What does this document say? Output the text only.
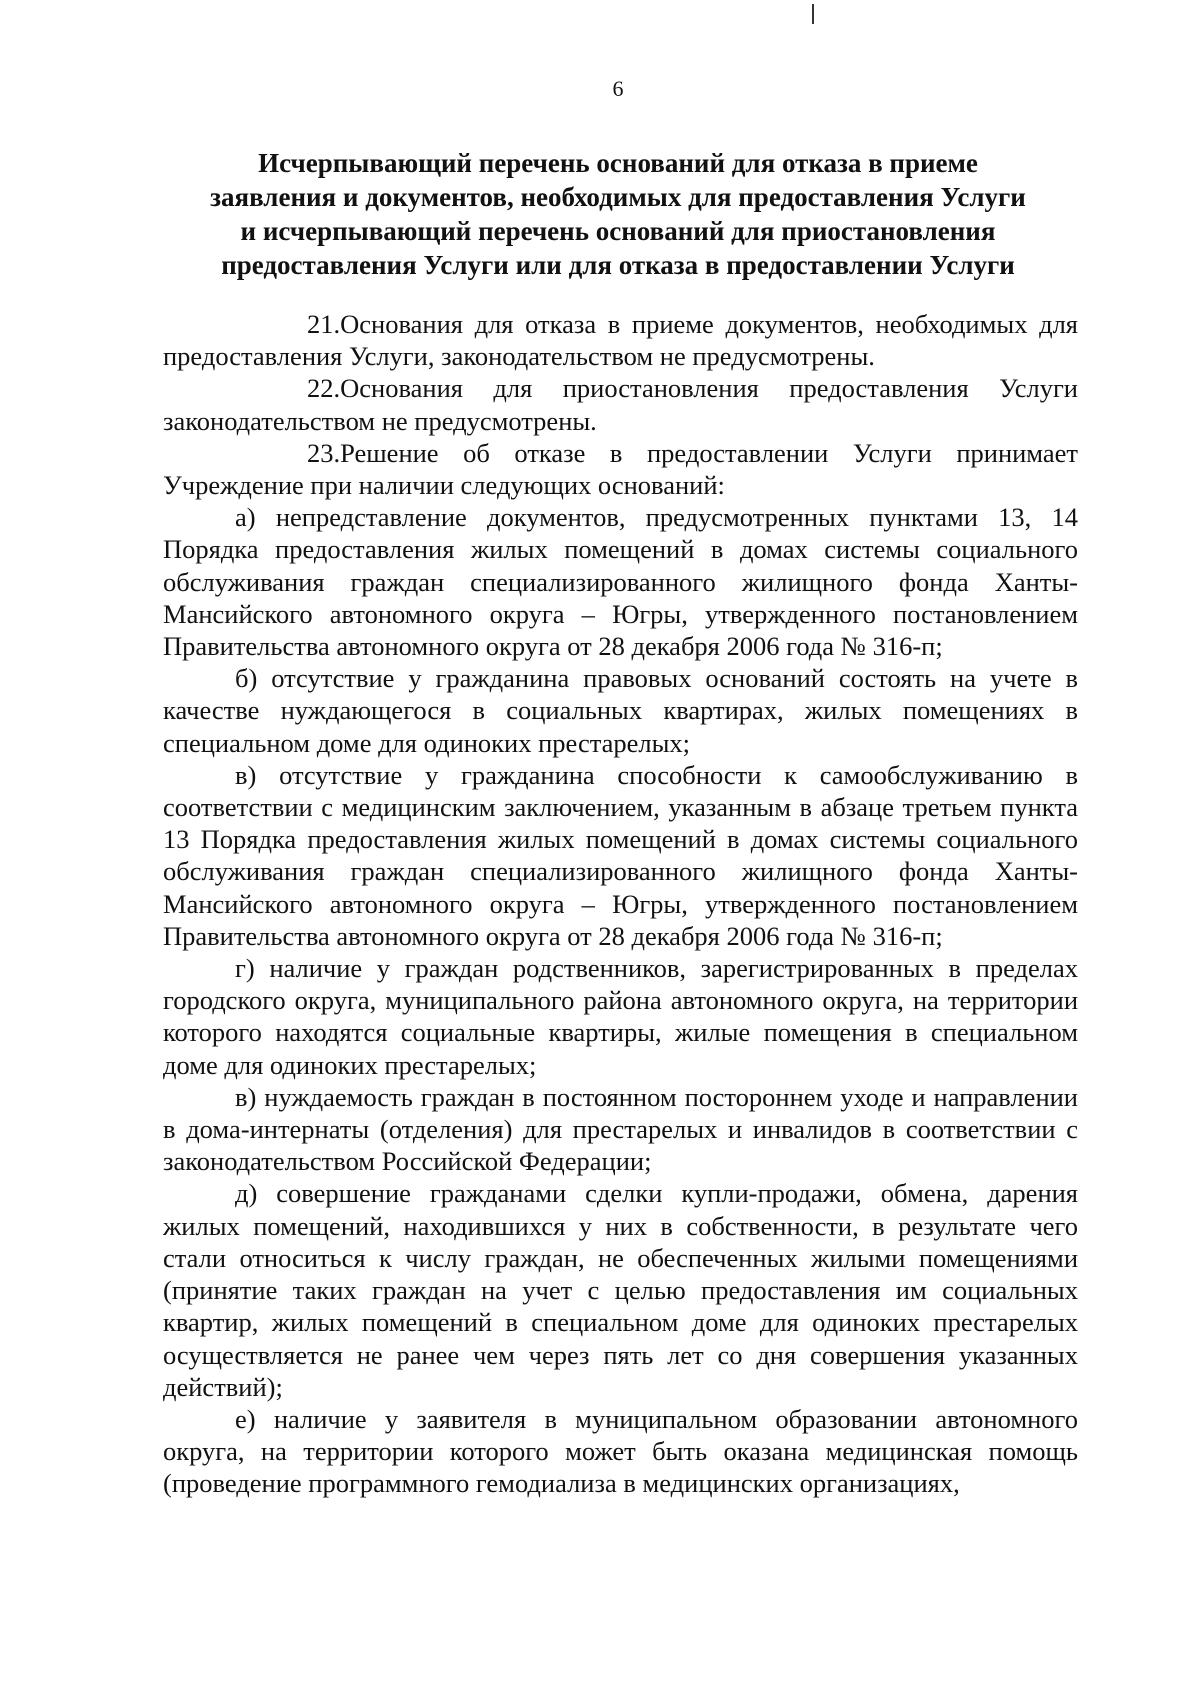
6
Исчерпывающий перечень оснований для отказа в приеме
заявления и документов, необходимых для предоставления Услуги
и исчерпывающий перечень оснований для приостановления
предоставления Услуги или для отказа в предоставлении Услуги

21.Основания для отказа в приеме документов, необходимых для предоставления Услуги, законодательством не предусмотрены.

22.Основания для приостановления предоставления Услуги законодательством не предусмотрены.

23.Решение об отказе в предоставлении Услуги принимает Учреждение при наличии следующих оснований:

а) непредставление документов, предусмотренных пунктами 13, 14 Порядка предоставления жилых помещений в домах системы социального обслуживания граждан специализированного жилищного фонда Ханты-Мансийского автономного округа – Югры, утвержденного постановлением Правительства автономного округа от 28 декабря 2006 года № 316-п;

б) отсутствие у гражданина правовых оснований состоять на учете в качестве нуждающегося в социальных квартирах, жилых помещениях в специальном доме для одиноких престарелых;

в) отсутствие у гражданина способности к самообслуживанию в соответствии с медицинским заключением, указанным в абзаце третьем пункта 13 Порядка предоставления жилых помещений в домах системы социального обслуживания граждан специализированного жилищного фонда Ханты-Мансийского автономного округа – Югры, утвержденного постановлением Правительства автономного округа от 28 декабря 2006 года № 316-п;

г) наличие у граждан родственников, зарегистрированных в пределах городского округа, муниципального района автономного округа, на территории которого находятся социальные квартиры, жилые помещения в специальном доме для одиноких престарелых;

в) нуждаемость граждан в постоянном постороннем уходе и направлении в дома-интернаты (отделения) для престарелых и инвалидов в соответствии с законодательством Российской Федерации;

д) совершение гражданами сделки купли-продажи, обмена, дарения жилых помещений, находившихся у них в собственности, в результате чего стали относиться к числу граждан, не обеспеченных жилыми помещениями (принятие таких граждан на учет с целью предоставления им социальных квартир, жилых помещений в специальном доме для одиноких престарелых осуществляется не ранее чем через пять лет со дня совершения указанных действий);

е) наличие у заявителя в муниципальном образовании автономного округа, на территории которого может быть оказана медицинская помощь (проведение программного гемодиализа в медицинских организациях,
